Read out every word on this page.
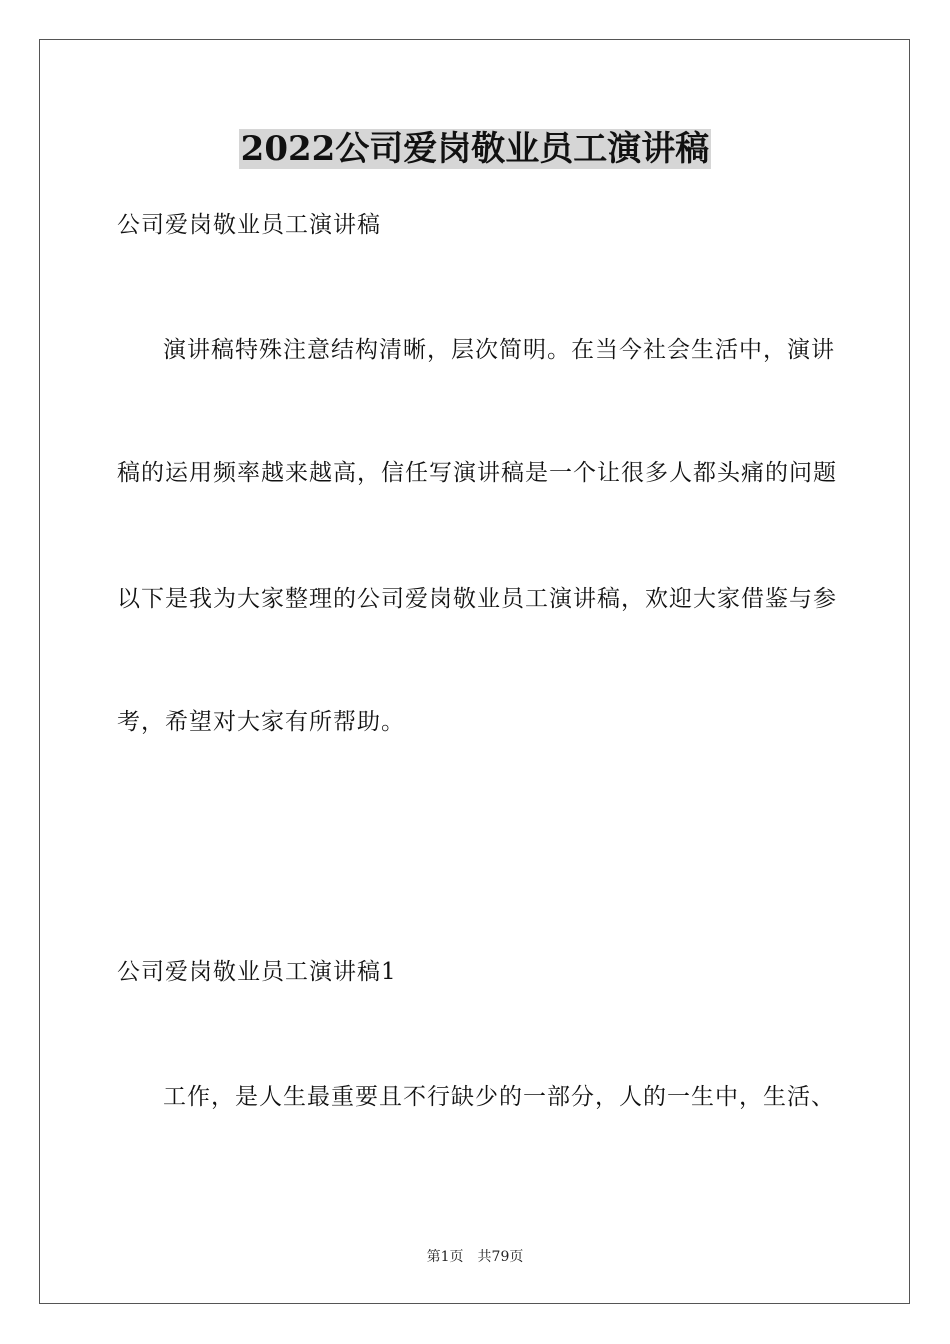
2022公司爱岗敬业员工演讲稿
公司爱岗敬业员工演讲稿
演讲稿特殊注意结构清晰，层次简明。在当今社会生活中，演讲
稿的运用频率越来越高，信任写演讲稿是一个让很多人都头痛的问题
以下是我为大家整理的公司爱岗敬业员工演讲稿，欢迎大家借鉴与参
考，希望对大家有所帮助。
公司爱岗敬业员工演讲稿1
工作，是人生最重要且不行缺少的一部分，人的一生中，生活、
第1页 共79页
